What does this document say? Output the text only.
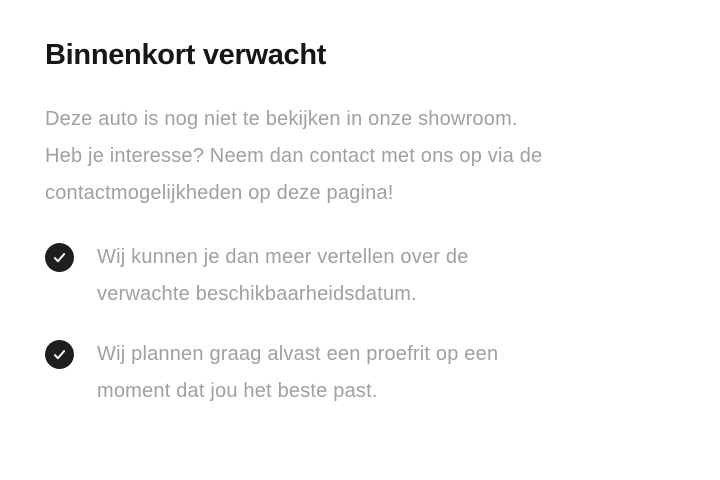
Binnenkort verwacht

Deze auto is nog niet te bekijken in onze showroom.
Heb je interesse? Neem dan contact met ons op via de
contactmogelijkheden op deze pagina!

Wij kunnen je dan meer vertellen over de
verwachte beschikbaarheidsdatum.
Wij plannen graag alvast een proefrit op een
moment dat jou het beste past.
